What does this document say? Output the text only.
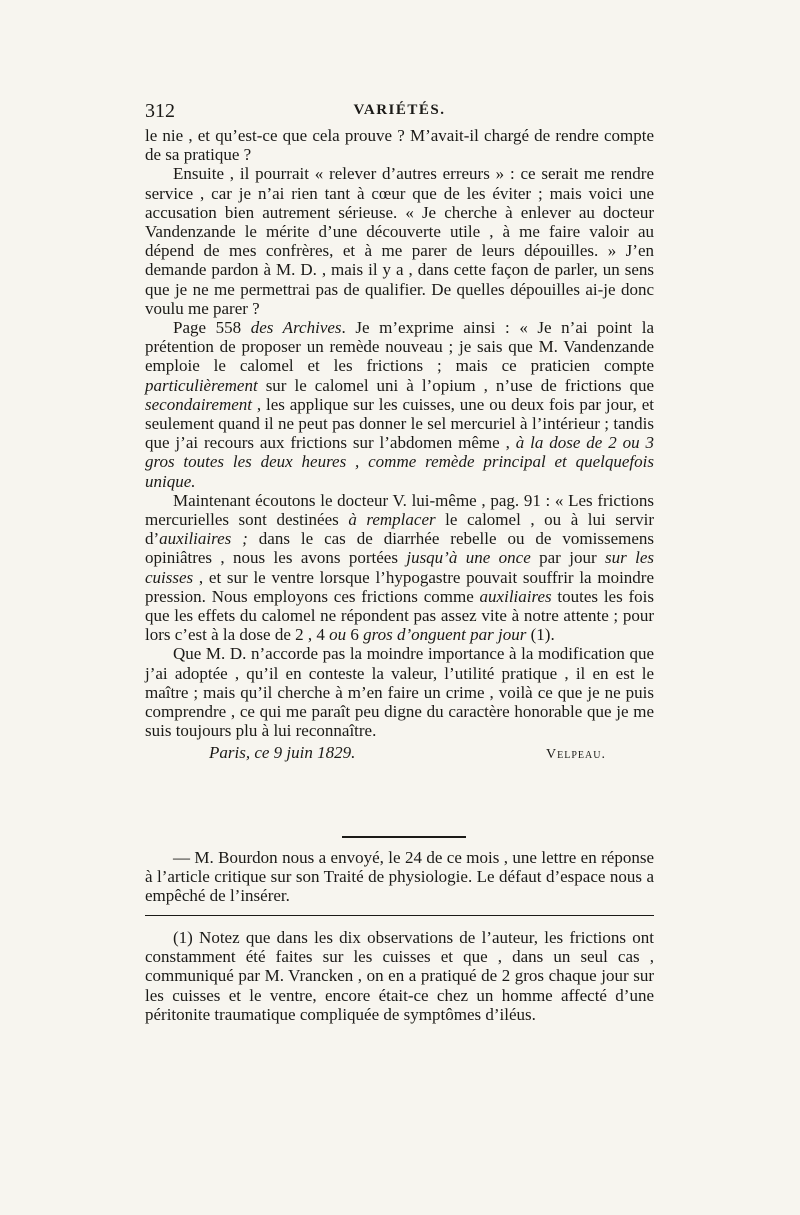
312	VARIÉTÉS.

le nie , et qu’est-ce que cela prouve ? M’avait-il chargé de rendre compte de sa pratique ?

Ensuite , il pourrait « relever d’autres erreurs » : ce serait me rendre service , car je n’ai rien tant à cœur que de les éviter ; mais voici une accusation bien autrement sérieuse. « Je cherche à enlever au docteur Vandenzande le mérite d’une découverte utile , à me faire valoir au dépend de mes confrères, et à me parer de leurs dépouilles. » J’en demande pardon à M. D. , mais il y a , dans cette façon de parler, un sens que je ne me permettrai pas de qualifier. De quelles dépouilles ai-je donc voulu me parer ?

Page 558 des Archives. Je m’exprime ainsi : « Je n’ai point la prétention de proposer un remède nouveau ; je sais que M. Vandenzande emploie le calomel et les frictions ; mais ce praticien compte particulièrement sur le calomel uni à l’opium , n’use de frictions que secondairement , les applique sur les cuisses, une ou deux fois par jour, et seulement quand il ne peut pas donner le sel mercuriel à l’intérieur ; tandis que j’ai recours aux frictions sur l’abdomen même , à la dose de 2 ou 3 gros toutes les deux heures , comme remède principal et quelquefois unique.

Maintenant écoutons le docteur V. lui-même , pag. 91 : « Les frictions mercurielles sont destinées à remplacer le calomel , ou à lui servir d’auxiliaires ; dans le cas de diarrhée rebelle ou de vomissemens opiniâtres , nous les avons portées jusqu’à une once par jour sur les cuisses , et sur le ventre lorsque l’hypogastre pouvait souffrir la moindre pression. Nous employons ces frictions comme auxiliaires toutes les fois que les effets du calomel ne répondent pas assez vite à notre attente ; pour lors c’est à la dose de 2 , 4 ou 6 gros d’onguent par jour (1).

Que M. D. n’accorde pas la moindre importance à la modification que j’ai adoptée , qu’il en conteste la valeur, l’utilité pratique , il en est le maître ; mais qu’il cherche à m’en faire un crime , voilà ce que je ne puis comprendre , ce qui me paraît peu digne du caractère honorable que je me suis toujours plu à lui reconnaître.

Paris, ce 9 juin 1829.	Velpeau.

— M. Bourdon nous a envoyé, le 24 de ce mois , une lettre en réponse à l’article critique sur son Traité de physiologie. Le défaut d’espace nous a empêché de l’insérer.

(1) Notez que dans les dix observations de l’auteur, les frictions ont constamment été faites sur les cuisses et que , dans un seul cas , communiqué par M. Vrancken , on en a pratiqué de 2 gros chaque jour sur les cuisses et le ventre, encore était-ce chez un homme affecté d’une péritonite traumatique compliquée de symptômes d’iléus.
